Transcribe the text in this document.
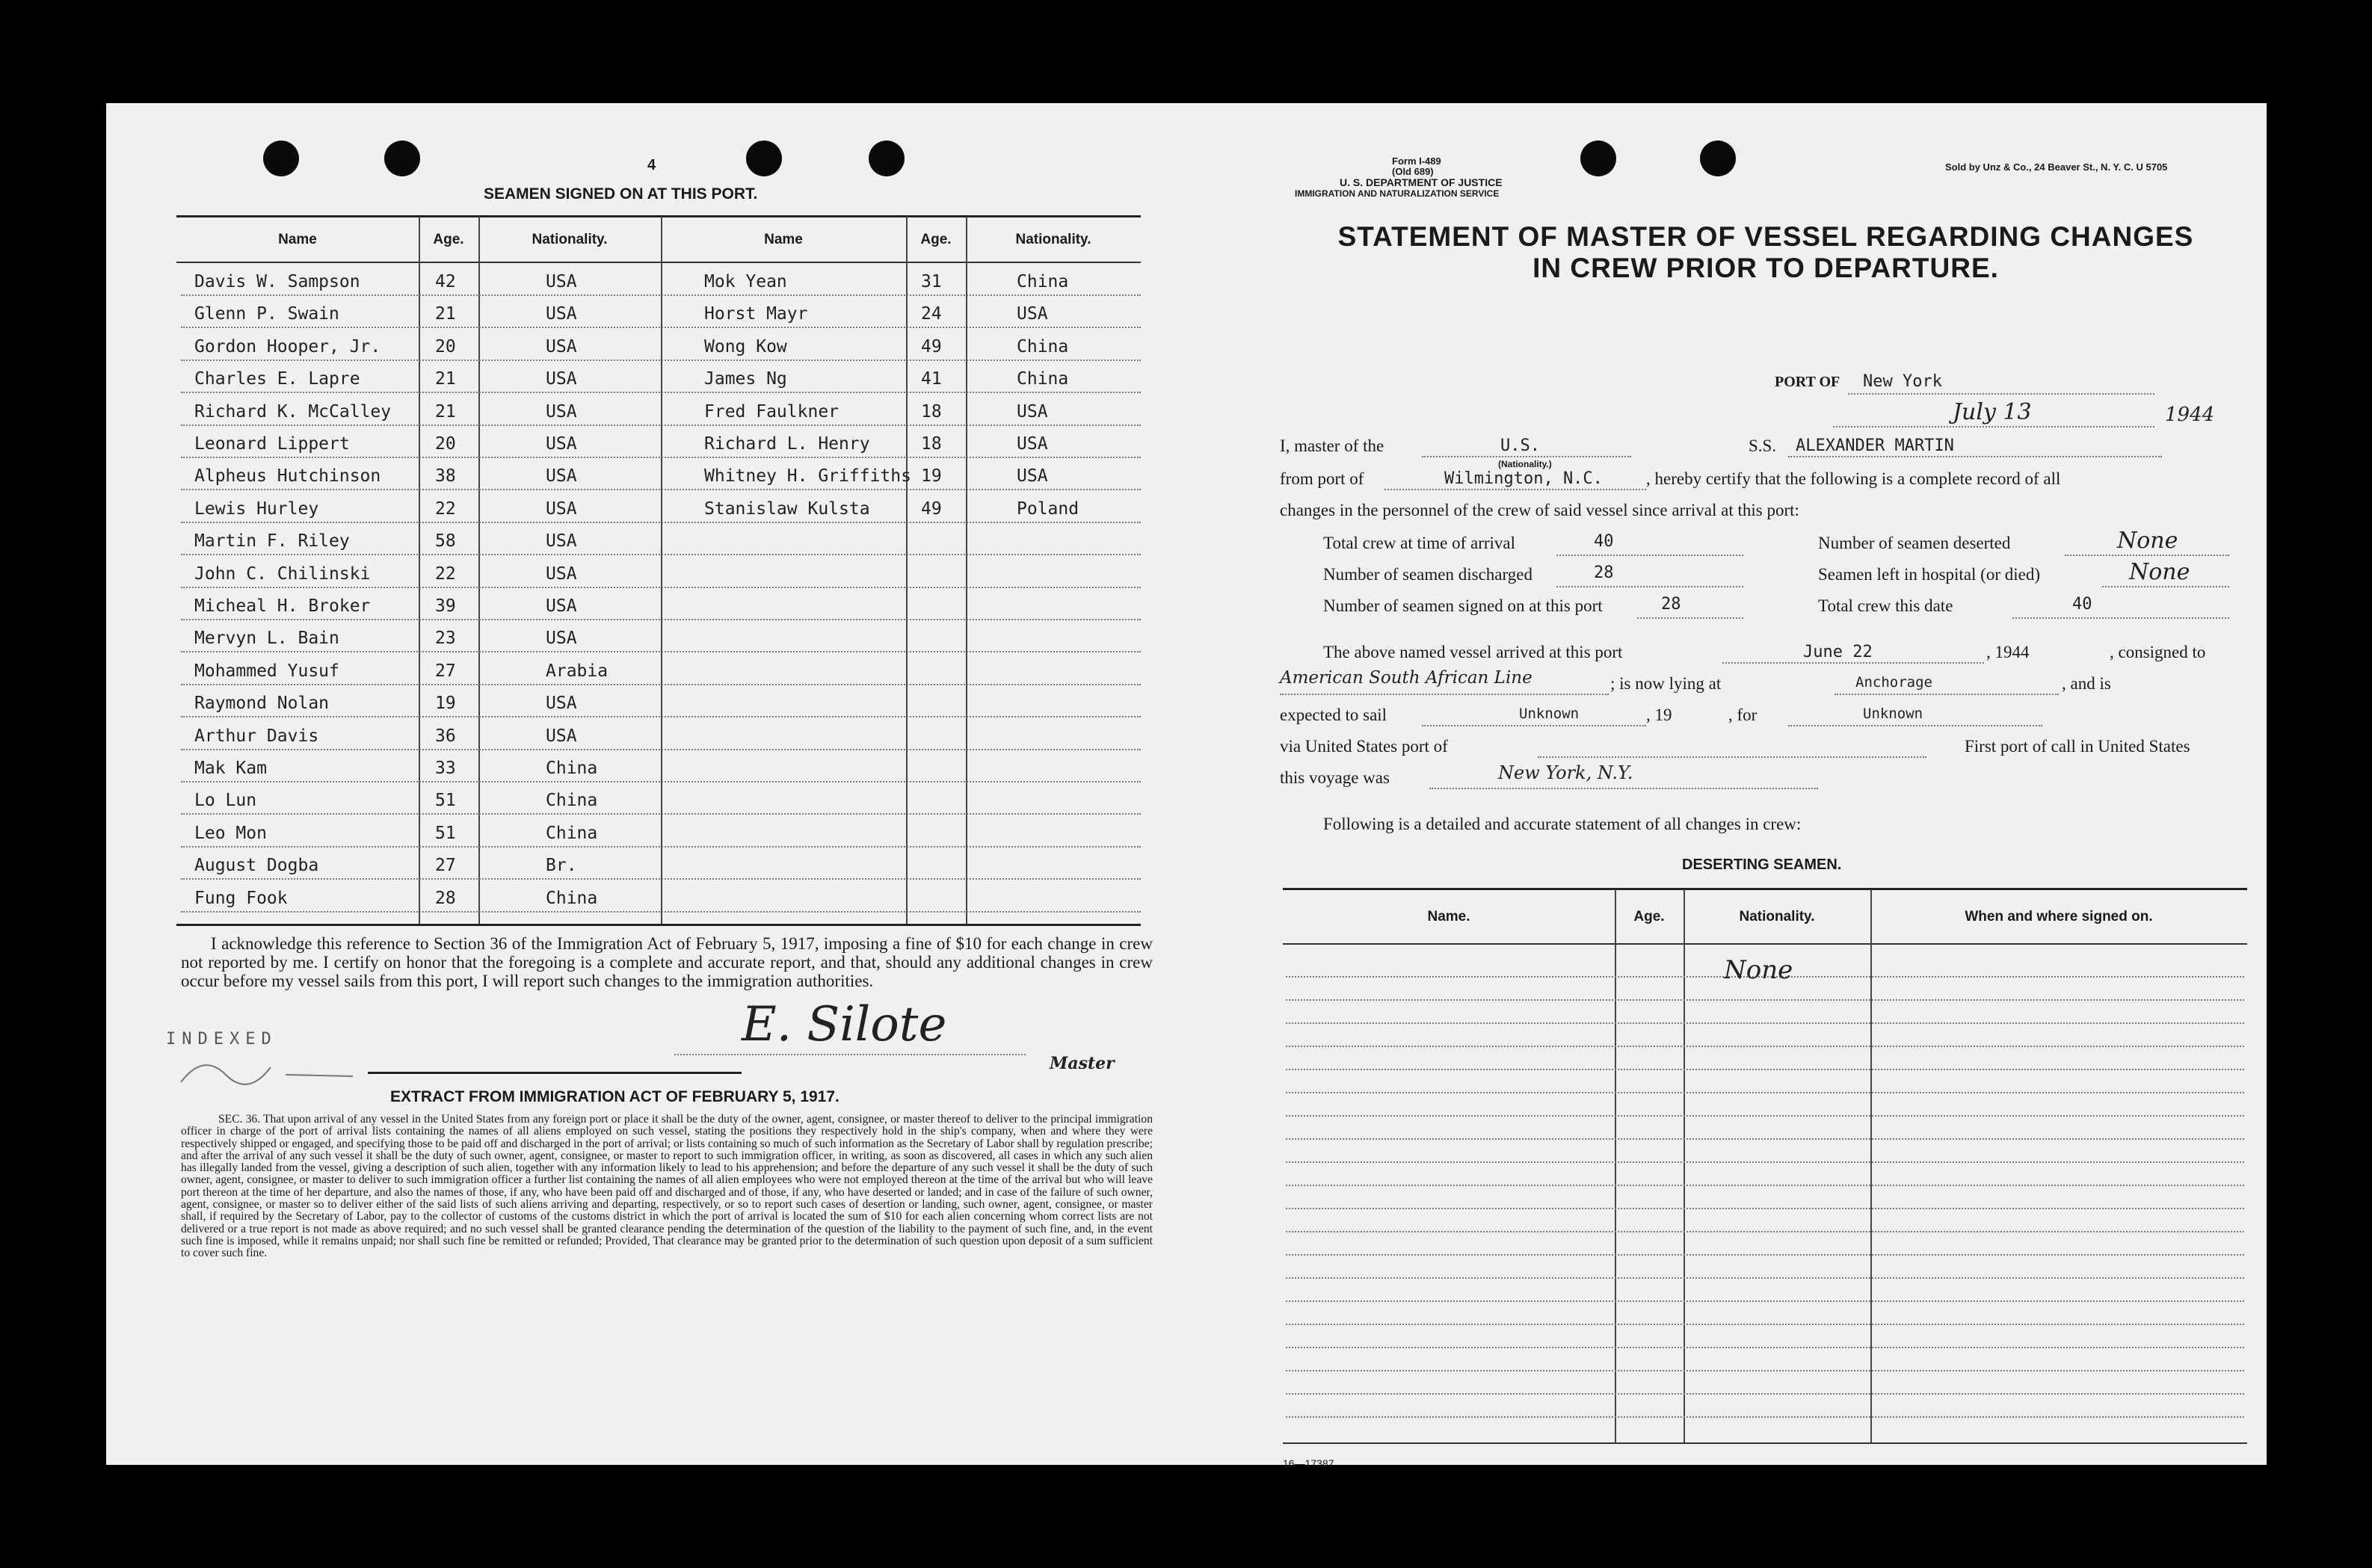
4
SEAMEN SIGNED ON AT THIS PORT.
Name	Age.	Nationality.	Name	Age.	Nationality.
Davis W. Sampson	42	USA	Mok Yean	31	China
Glenn P. Swain	21	USA	Horst Mayr	24	USA
Gordon Hooper, Jr.	20	USA	Wong Kow	49	China
Charles E. Lapre	21	USA	James Ng	41	China
Richard K. McCalley	21	USA	Fred Faulkner	18	USA
Leonard Lippert	20	USA	Richard L. Henry	18	USA
Alpheus Hutchinson	38	USA	Whitney H. Griffiths 19	USA
Lewis Hurley	22	USA	Stanislaw Kulsta	49	Poland
Martin F. Riley	58	USA
John C. Chilinski	22	USA
Micheal H. Broker	39	USA
Mervyn L. Bain	23	USA
Mohammed Yusuf	27	Arabia
Raymond Nolan	19	USA
Arthur Davis	36	USA
Mak Kam	33	China
Lo Lun	51	China
Leo Mon	51	China
August Dogba	27	Br.
Fung Fook	28	China
I acknowledge this reference to Section 36 of the Immigration Act of February 5, 1917, imposing a fine of $10 for each change in crew not reported by me. I certify on honor that the foregoing is a complete and accurate report, and that, should any additional changes in crew occur before my vessel sails from this port, I will report such changes to the immigration authorities.
INDEXED	E. Silote
Master
EXTRACT FROM IMMIGRATION ACT OF FEBRUARY 5, 1917.
SEC. 36. That upon arrival of any vessel in the United States from any foreign port or place it shall be the duty of the owner, agent, consignee, or master thereof to deliver to the principal immigration officer in charge of the port of arrival lists containing the names of all aliens employed on such vessel, stating the positions they respectively hold in the ship's company, when and where they were respectively shipped or engaged, and specifying those to be paid off and discharged in the port of arrival; or lists containing so much of such information as the Secretary of Labor shall by regulation prescribe; and after the arrival of any such vessel it shall be the duty of such owner, agent, consignee, or master to report to such immigration officer, in writing, as soon as discovered, all cases in which any such alien has illegally landed from the vessel, giving a description of such alien, together with any information likely to lead to his apprehension; and before the departure of any such vessel it shall be the duty of such owner, agent, consignee, or master to deliver to such immigration officer a further list containing the names of all alien employees who were not employed thereon at the time of the arrival but who will leave port thereon at the time of her departure, and also the names of those, if any, who have been paid off and discharged and of those, if any, who have deserted or landed; and in case of the failure of such owner, agent, consignee, or master so to deliver either of the said lists of such aliens arriving and departing, respectively, or so to report such cases of desertion or landing, such owner, agent, consignee, or master shall, if required by the Secretary of Labor, pay to the collector of customs of the customs district in which the port of arrival is located the sum of $10 for each alien concerning whom correct lists are not delivered or a true report is not made as above required; and no such vessel shall be granted clearance pending the determination of the question of the liability to the payment of such fine, and, in the event such fine is imposed, while it remains unpaid; nor shall such fine be remitted or refunded; Provided, That clearance may be granted prior to the determination of such question upon deposit of a sum sufficient to cover such fine.
Form I-489
(Old 689)
U. S. DEPARTMENT OF JUSTICE
IMMIGRATION AND NATURALIZATION SERVICE
Sold by Unz & Co., 24 Beaver St., N. Y. C. U 5705
STATEMENT OF MASTER OF VESSEL REGARDING CHANGES
IN CREW PRIOR TO DEPARTURE.
PORT OF New York
July 13	1944
I, master of the	U.S.
(Nationality.)
S.S. ALEXANDER MARTIN
from port of	Wilmington, N.C.	, hereby certify that the following is a complete record of all
changes in the personnel of the crew of said vessel since arrival at this port:
Total crew at time of arrival	40
Number of seamen discharged	28
Number of seamen signed on at this port	28
Number of seamen deserted	None
Seamen left in hospital (or died)	None
Total crew this date	40
The above named vessel arrived at this port	June 22	, 1944	, consigned to
American South African Line	; is now lying at	Anchorage	, and is
expected to sail	Unknown	, 19	, for	Unknown
via United States port of	First port of call in United States
this voyage was	New York, N.Y.
Following is a detailed and accurate statement of all changes in crew:
DESERTING SEAMEN.
Name.	Age.	Nationality.	When and where signed on.
None
16—17387
